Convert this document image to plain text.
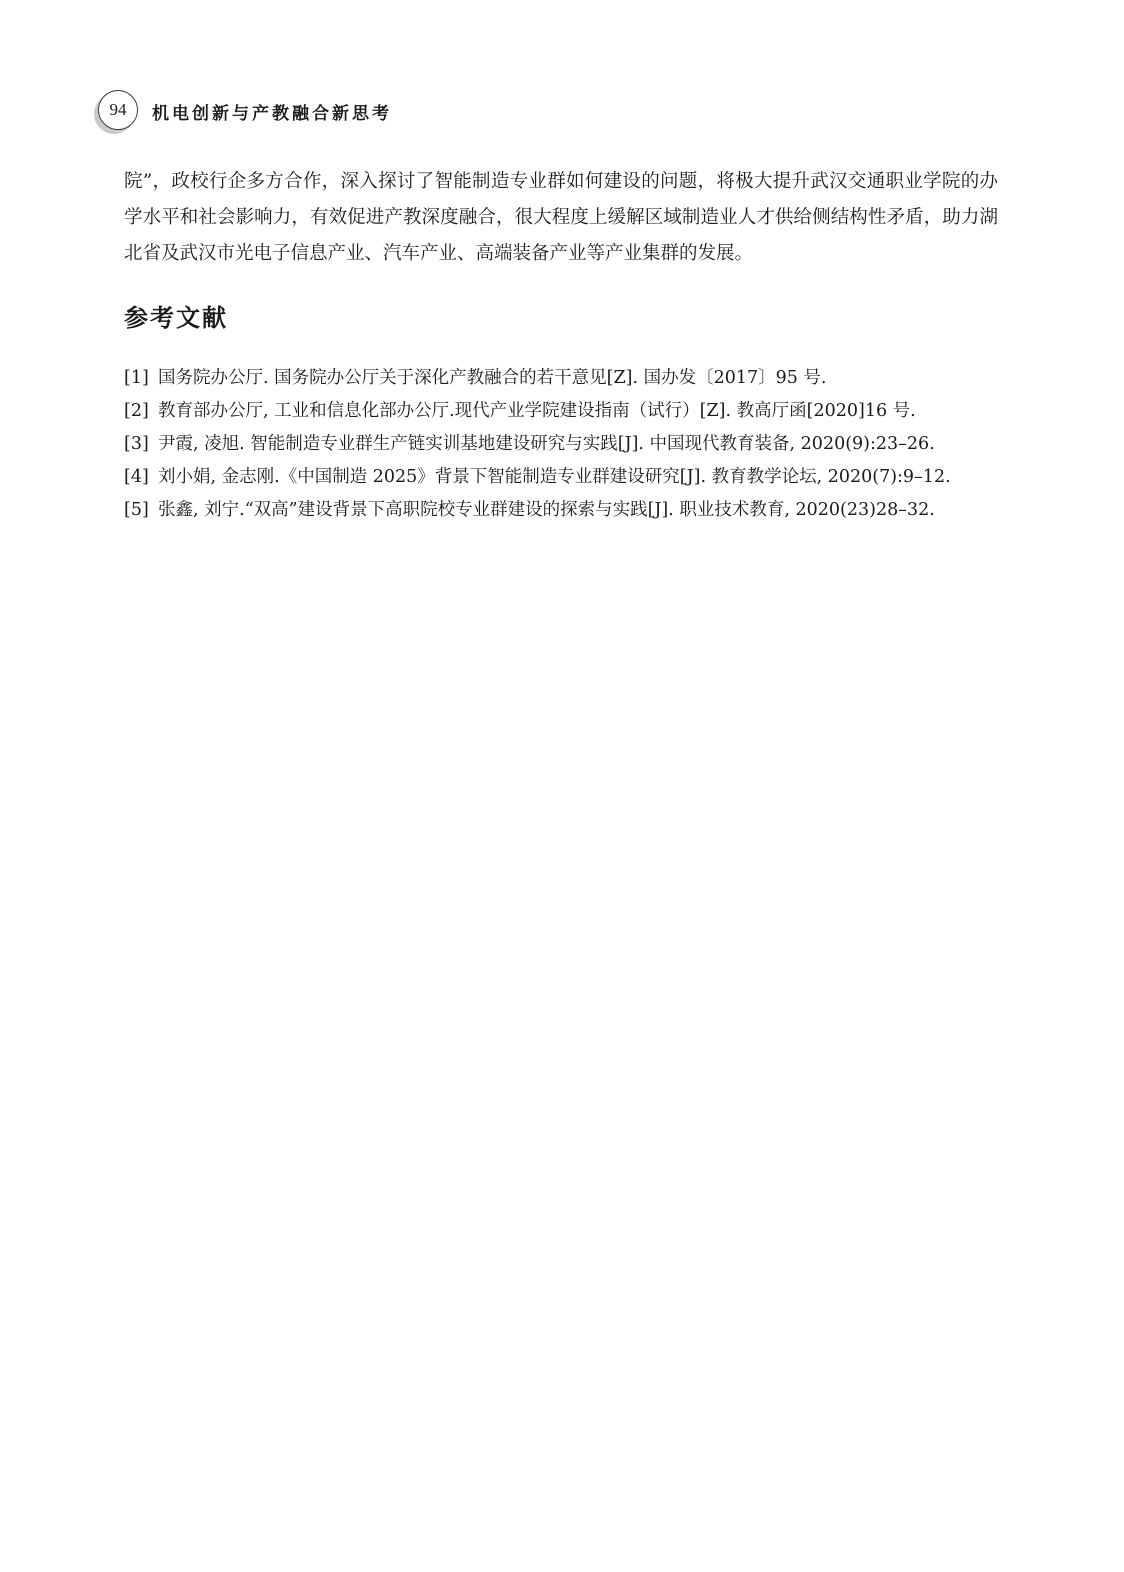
94	机电创新与产教融合新思考

院”，政校行企多方合作，深入探讨了智能制造专业群如何建设的问题，将极大提升武汉交通职业学院的办学水平和社会影响力，有效促进产教深度融合，很大程度上缓解区域制造业人才供给侧结构性矛盾，助力湖北省及武汉市光电子信息产业、汽车产业、高端装备产业等产业集群的发展。

参考文献
[1] 国务院办公厅. 国务院办公厅关于深化产教融合的若干意见[Z]. 国办发〔2017〕95 号.
[2] 教育部办公厅, 工业和信息化部办公厅.现代产业学院建设指南（试行）[Z]. 教高厅函[2020]16 号.
[3] 尹霞, 凌旭. 智能制造专业群生产链实训基地建设研究与实践[J]. 中国现代教育装备, 2020(9):23–26.
[4] 刘小娟, 金志刚.《中国制造 2025》背景下智能制造专业群建设研究[J]. 教育教学论坛, 2020(7):9–12.
[5] 张鑫, 刘宁.“双高”建设背景下高职院校专业群建设的探索与实践[J]. 职业技术教育, 2020(23)28–32.
